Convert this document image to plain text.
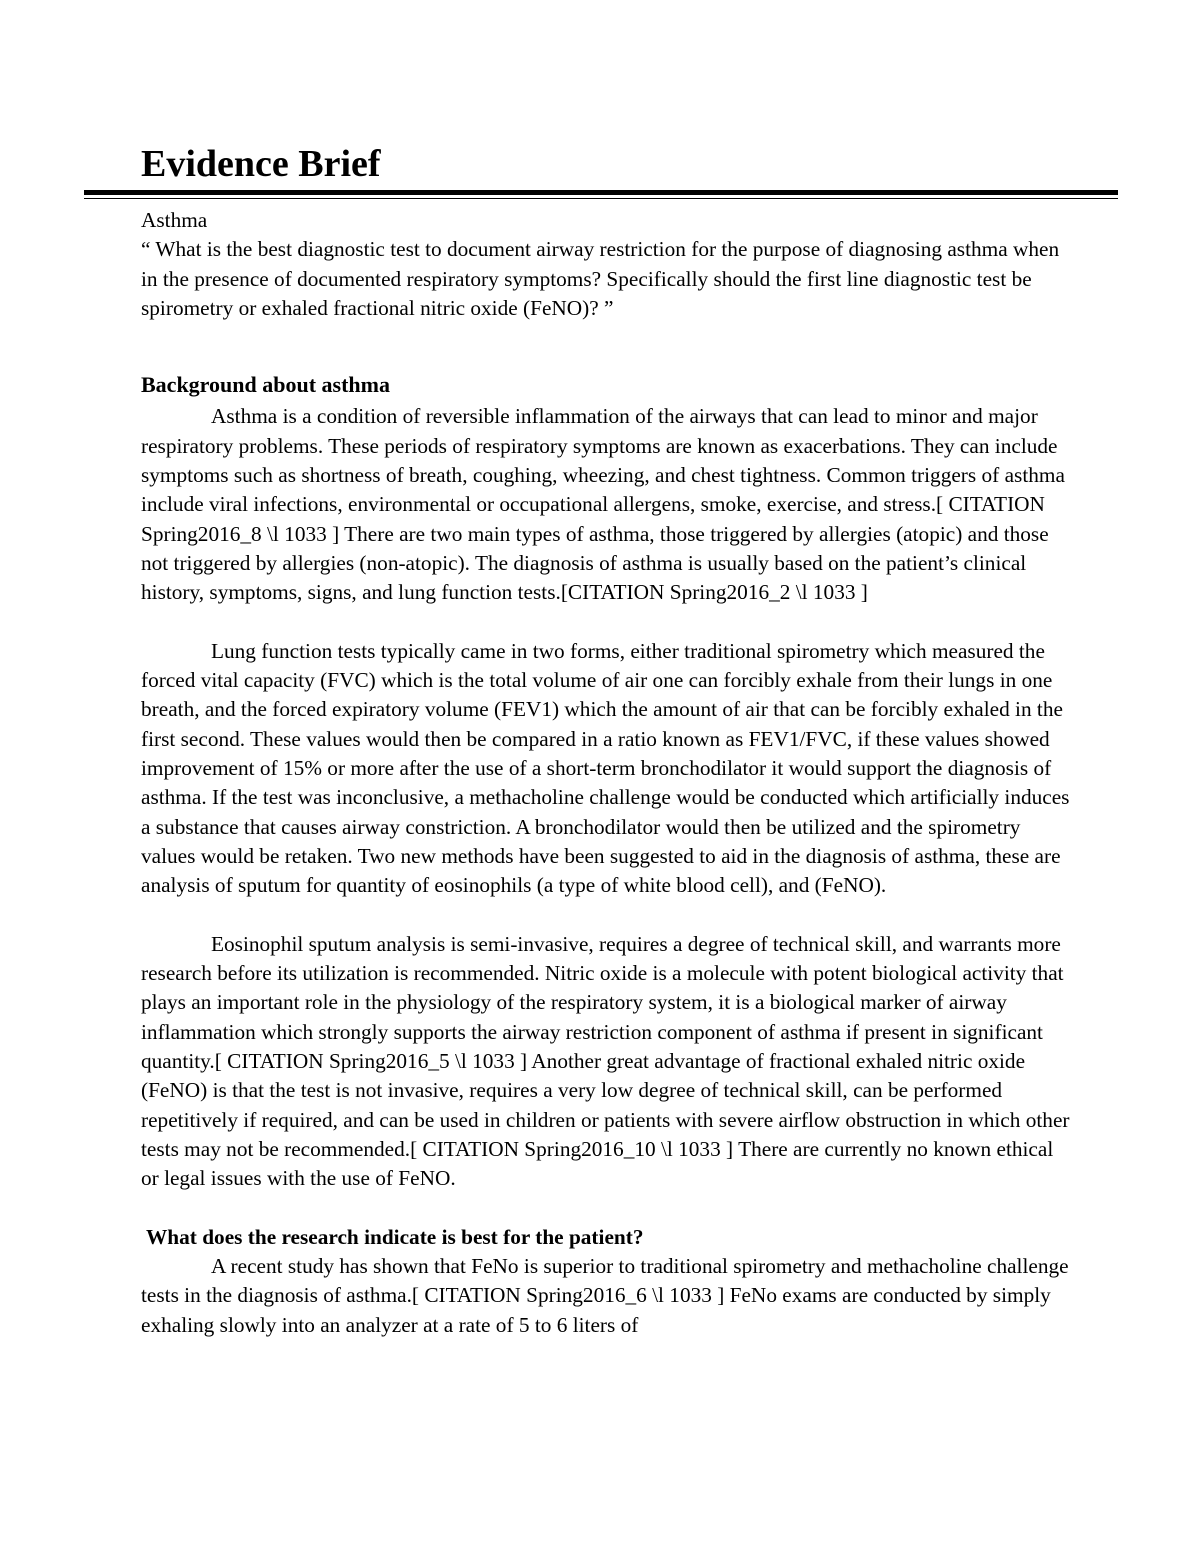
Evidence Brief

Asthma

“ What is the best diagnostic test to document airway restriction for the purpose of diagnosing asthma when in the presence of documented respiratory symptoms? Specifically should the first line diagnostic test be spirometry or exhaled fractional nitric oxide (FeNO)? ”

Background about asthma

Asthma is a condition of reversible inflammation of the airways that can lead to minor and major respiratory problems. These periods of respiratory symptoms are known as exacerbations. They can include symptoms such as shortness of breath, coughing, wheezing, and chest tightness. Common triggers of asthma include viral infections, environmental or occupational allergens, smoke, exercise, and stress.[ CITATION Spring2016_8 \l 1033 ] There are two main types of asthma, those triggered by allergies (atopic) and those not triggered by allergies (non-atopic). The diagnosis of asthma is usually based on the patient’s clinical history, symptoms, signs, and lung function tests.[CITATION Spring2016_2 \l 1033 ]

Lung function tests typically came in two forms, either traditional spirometry which measured the forced vital capacity (FVC) which is the total volume of air one can forcibly exhale from their lungs in one breath, and the forced expiratory volume (FEV1) which the amount of air that can be forcibly exhaled in the first second. These values would then be compared in a ratio known as FEV1/FVC, if these values showed improvement of 15% or more after the use of a short-term bronchodilator it would support the diagnosis of asthma. If the test was inconclusive, a methacholine challenge would be conducted which artificially induces a substance that causes airway constriction. A bronchodilator would then be utilized and the spirometry values would be retaken. Two new methods have been suggested to aid in the diagnosis of asthma, these are analysis of sputum for quantity of eosinophils (a type of white blood cell), and (FeNO).

Eosinophil sputum analysis is semi-invasive, requires a degree of technical skill, and warrants more research before its utilization is recommended. Nitric oxide is a molecule with potent biological activity that plays an important role in the physiology of the respiratory system, it is a biological marker of airway inflammation which strongly supports the airway restriction component of asthma if present in significant quantity.[ CITATION Spring2016_5 \l 1033 ] Another great advantage of fractional exhaled nitric oxide (FeNO) is that the test is not invasive, requires a very low degree of technical skill, can be performed repetitively if required, and can be used in children or patients with severe airflow obstruction in which other tests may not be recommended.[ CITATION Spring2016_10 \l 1033 ] There are currently no known ethical or legal issues with the use of FeNO.

What does the research indicate is best for the patient?

A recent study has shown that FeNo is superior to traditional spirometry and methacholine challenge tests in the diagnosis of asthma.[ CITATION Spring2016_6 \l 1033 ] FeNo exams are conducted by simply exhaling slowly into an analyzer at a rate of 5 to 6 liters of
